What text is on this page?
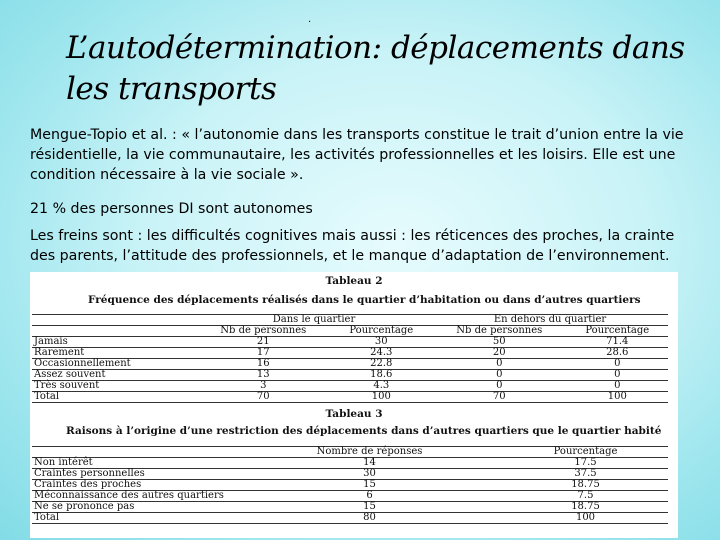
.
L’autodétermination: déplacements dans
les transports
Mengue-Topio et al. : « l’autonomie dans les transports constitue le trait d’union entre la vie résidentielle, la vie communautaire, les activités professionnelles et les loisirs. Elle est une condition nécessaire à la vie sociale ».
21 % des personnes DI sont autonomes
Les freins sont : les difficultés cognitives mais aussi : les réticences des proches, la crainte des parents, l’attitude des professionnels, et le manque d’adaptation de l’environnement.
Tableau 2
Fréquence des déplacements réalisés dans le quartier d’habitation ou dans d’autres quartiers
	Dans le quartier		En dehors du quartier	
	Nb de personnes	Pourcentage	Nb de personnes	Pourcentage
Jamais	21	30	50	71.4
Rarement	17	24.3	20	28.6
Occasionnellement	16	22.8	0	0
Assez souvent	13	18.6	0	0
Très souvent	3	4.3	0	0
Total	70	100	70	100
Tableau 3
Raisons à l’origine d’une restriction des déplacements dans d’autres quartiers que le quartier habité
	Nombre de réponses	Pourcentage
Non intérêt	14	17.5
Craintes personnelles	30	37.5
Craintes des proches	15	18.75
Méconnaissance des autres quartiers	6	7.5
Ne se prononce pas	15	18.75
Total	80	100
